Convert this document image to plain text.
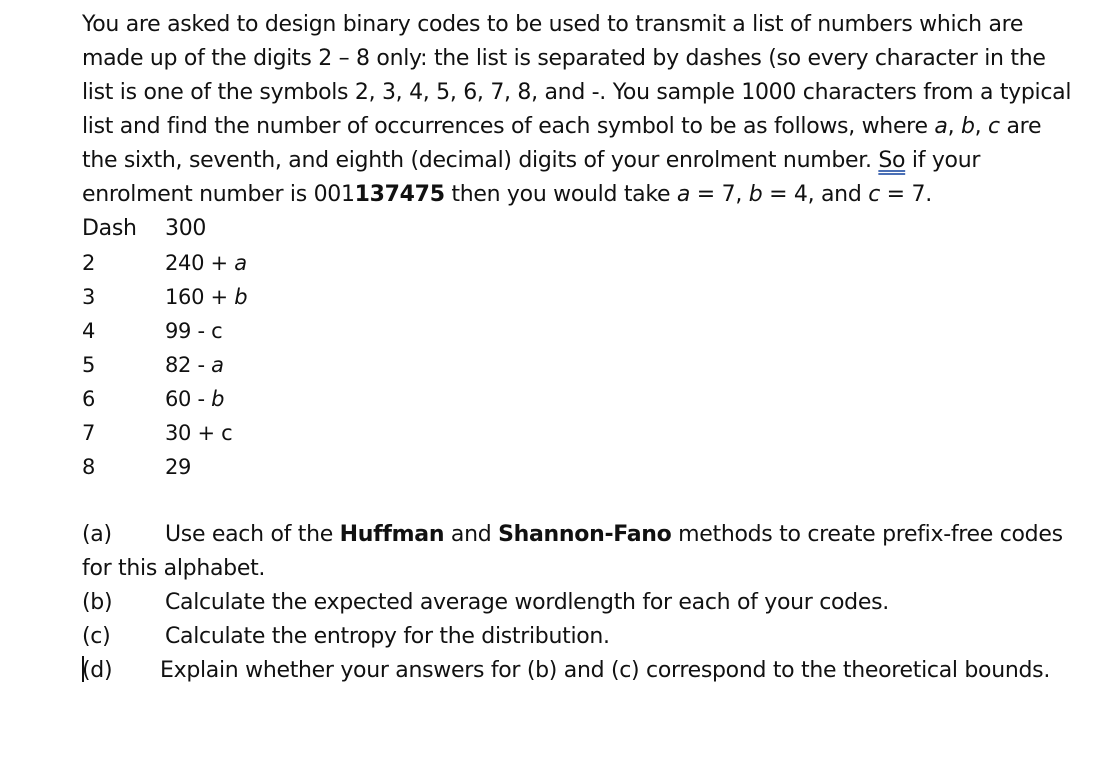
You are asked to design binary codes to be used to transmit a list of numbers which are made up of the digits 2 – 8 only: the list is separated by dashes (so every character in the list is one of the symbols 2, 3, 4, 5, 6, 7, 8, and -. You sample 1000 characters from a typical list and find the number of occurrences of each symbol to be as follows, where a, b, c are the sixth, seventh, and eighth (decimal) digits of your enrolment number. So if your enrolment number is 001137475 then you would take a = 7, b = 4, and c = 7.

Dash 300

2	240 + a
3	160 + b
4	99 - c
5	82 - a
6	60 - b
7	30 + c
8	29

(a) Use each of the Huffman and Shannon-Fano methods to create prefix-free codes for this alphabet.

(b) Calculate the expected average wordlength for each of your codes.

(c) Calculate the entropy for the distribution.

(d) Explain whether your answers for (b) and (c) correspond to the theoretical bounds.
